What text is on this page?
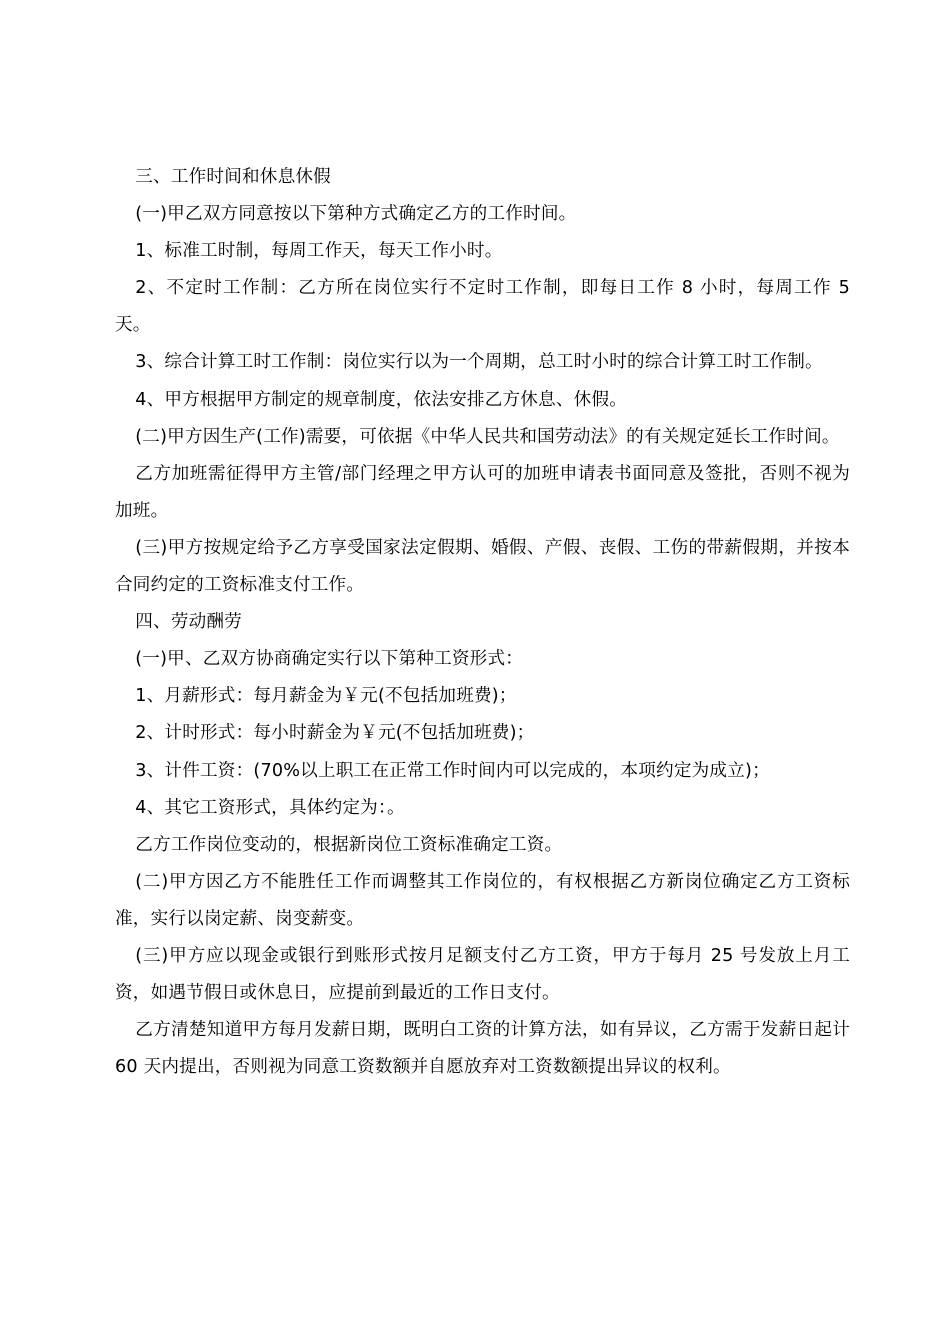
三、工作时间和休息休假

(一)甲乙双方同意按以下第种方式确定乙方的工作时间。

1、标准工时制，每周工作天，每天工作小时。

2、不定时工作制：乙方所在岗位实行不定时工作制，即每日工作 8 小时，每周工作 5 天。

3、综合计算工时工作制：岗位实行以为一个周期，总工时小时的综合计算工时工作制。

4、甲方根据甲方制定的规章制度，依法安排乙方休息、休假。

(二)甲方因生产(工作)需要，可依据《中华人民共和国劳动法》的有关规定延长工作时间。

乙方加班需征得甲方主管/部门经理之甲方认可的加班申请表书面同意及签批，否则不视为加班。

(三)甲方按规定给予乙方享受国家法定假期、婚假、产假、丧假、工伤的带薪假期，并按本合同约定的工资标准支付工作。

四、劳动酬劳

(一)甲、乙双方协商确定实行以下第种工资形式：

1、月薪形式：每月薪金为￥元(不包括加班费)；

2、计时形式：每小时薪金为￥元(不包括加班费)；

3、计件工资：(70%以上职工在正常工作时间内可以完成的，本项约定为成立)；

4、其它工资形式，具体约定为：。

乙方工作岗位变动的，根据新岗位工资标准确定工资。

(二)甲方因乙方不能胜任工作而调整其工作岗位的，有权根据乙方新岗位确定乙方工资标准，实行以岗定薪、岗变薪变。

(三)甲方应以现金或银行到账形式按月足额支付乙方工资，甲方于每月 25 号发放上月工资，如遇节假日或休息日，应提前到最近的工作日支付。

乙方清楚知道甲方每月发薪日期，既明白工资的计算方法，如有异议，乙方需于发薪日起计 60 天内提出，否则视为同意工资数额并自愿放弃对工资数额提出异议的权利。
